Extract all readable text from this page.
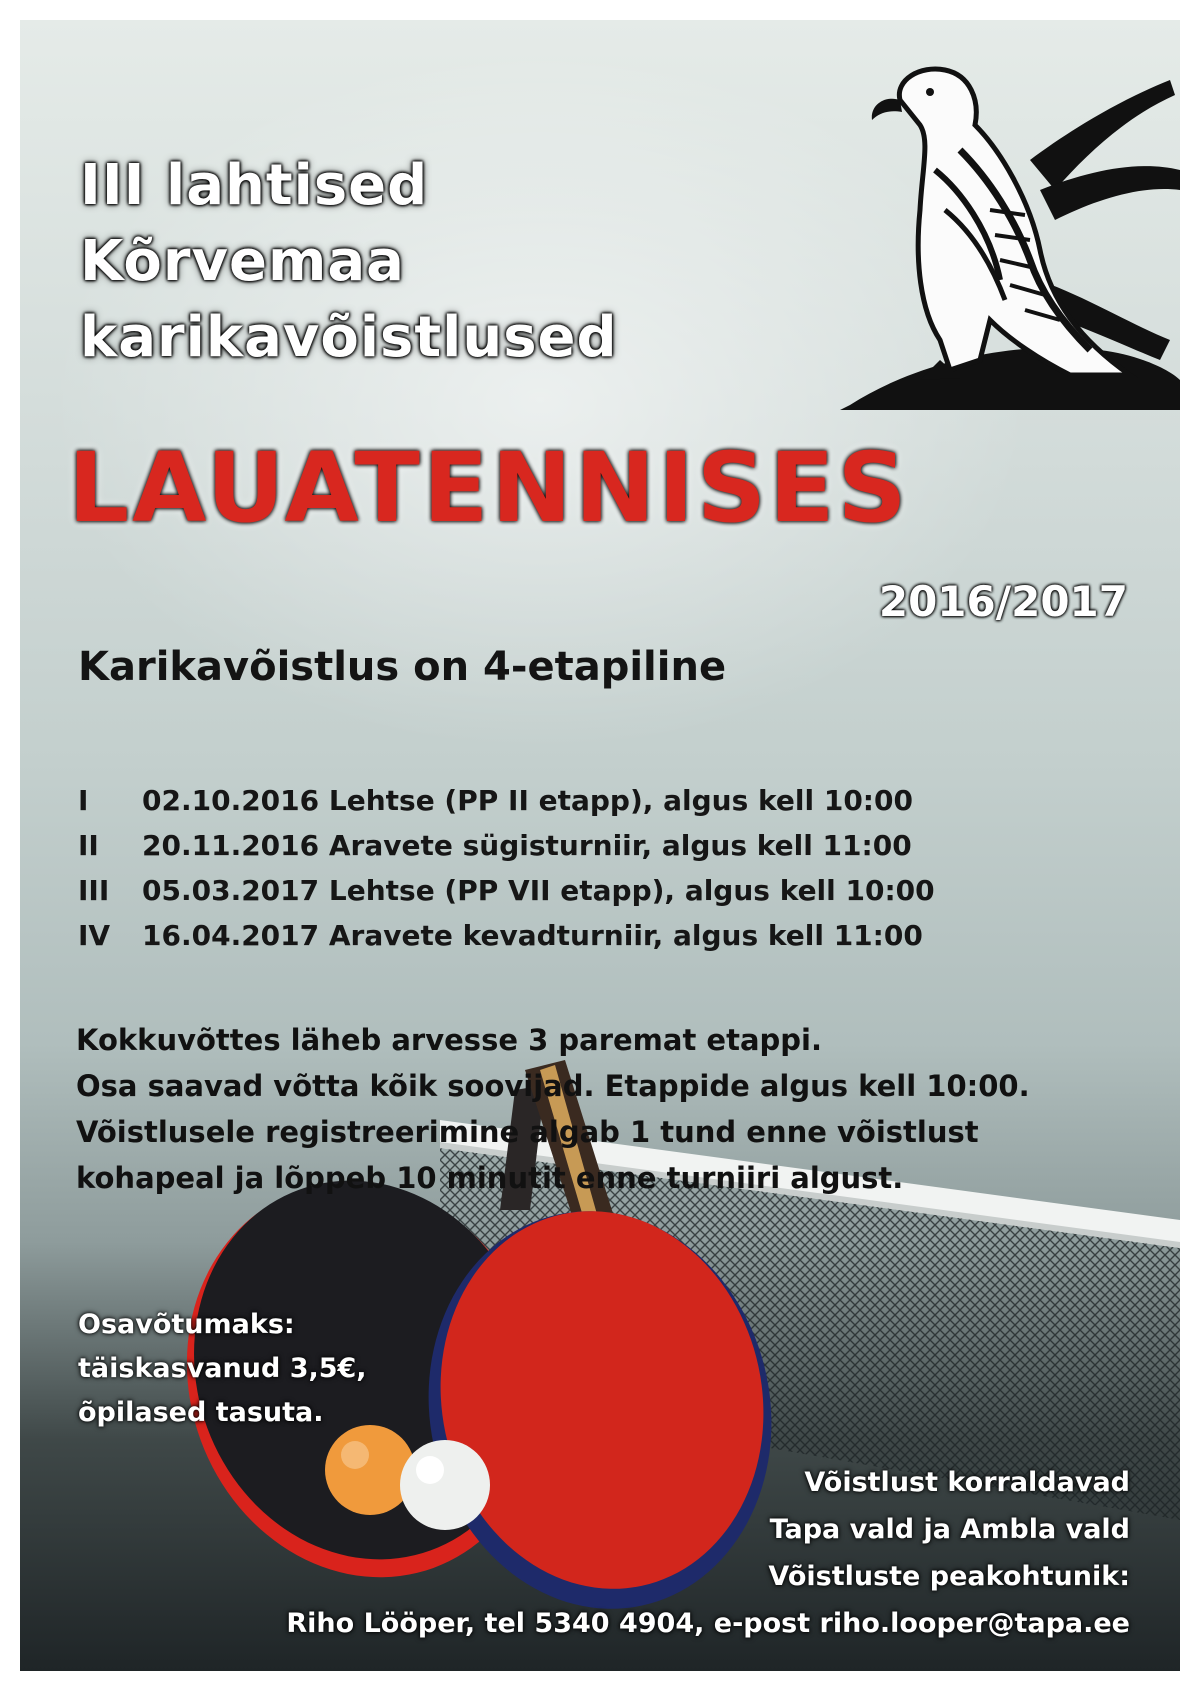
III lahtised
Kõrvemaa
karikavõistlused
LAUATENNISES
2016/2017
Karikavõistlus on 4-etapiline
I	02.10.2016 Lehtse (PP II etapp), algus kell 10:00
II	20.11.2016 Aravete sügisturniir, algus kell 11:00
III	05.03.2017 Lehtse (PP VII etapp), algus kell 10:00
IV	16.04.2017 Aravete kevadturniir, algus kell 11:00
Kokkuvõttes läheb arvesse 3 paremat etappi.
Osa saavad võtta kõik soovijad. Etappide algus kell 10:00.
Võistlusele registreerimine algab 1 tund enne võistlust
kohapeal ja lõppeb 10 minutit enne turniiri algust.
Osavõtumaks:
täiskasvanud 3,5€,
õpilased tasuta.
Võistlust korraldavad
Tapa vald ja Ambla vald
Võistluste peakohtunik:
Riho Lööper, tel 5340 4904, e-post riho.looper@tapa.ee
